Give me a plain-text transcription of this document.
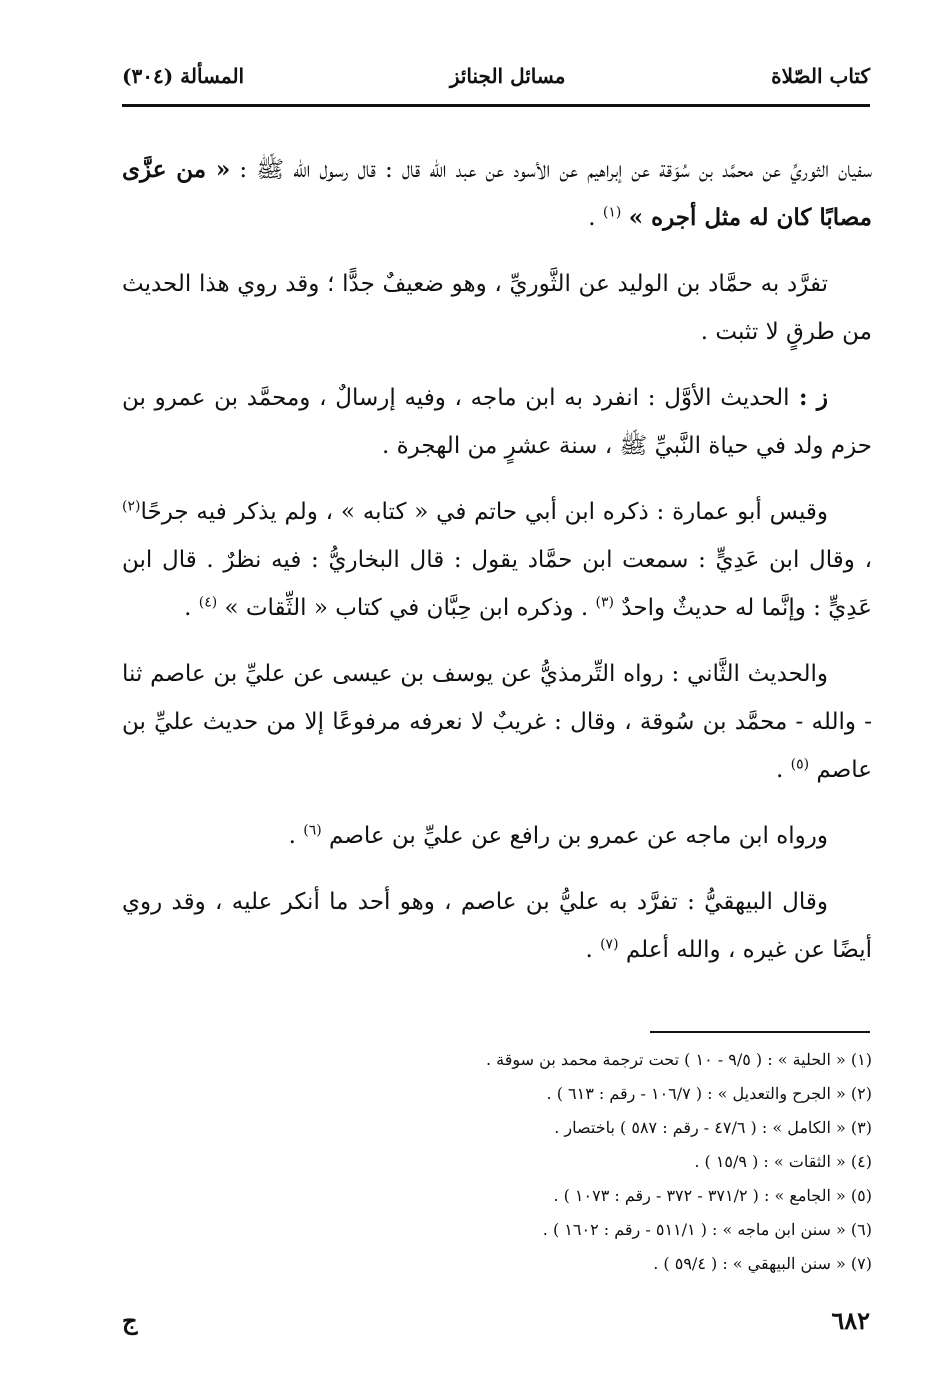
كتاب الصّلاة
مسائل الجنائز
المسألة (٣٠٤)

سفيان الثوريِّ عن محمَّد بن سُوَقة عن إبراهيم عن الأسود عن عبد الله قال : قال رسول الله ﷺ : « من عزَّى مصابًا كان له مثل أجره » $^{(١)}$ .

تفرَّد به حمَّاد بن الوليد عن الثَّوريِّ ، وهو ضعيفٌ جدًّا ؛ وقد روي هذا الحديث من طرقٍ لا تثبت .

ز : الحديث الأوَّل : انفرد به ابن ماجه ، وفيه إرسالٌ ، ومحمَّد بن عمرو بن حزم ولد في حياة النَّبيِّ ﷺ ، سنة عشرٍ من الهجرة .

وقيس أبو عمارة : ذكره ابن أبي حاتم في « كتابه » ، ولم يذكر فيه جرحًا$^{(٢)}$ ، وقال ابن عَدِيٍّ : سمعت ابن حمَّاد يقول : قال البخاريُّ : فيه نظرٌ . قال ابن عَدِيٍّ : وإنَّما له حديثٌ واحدٌ $^{(٣)}$ . وذكره ابن حِبَّان في كتاب « الثِّقات » $^{(٤)}$ .

والحديث الثَّاني : رواه التِّرمذيُّ عن يوسف بن عيسى عن عليِّ بن عاصم ثنا - والله - محمَّد بن سُوقة ، وقال : غريبٌ لا نعرفه مرفوعًا إلا من حديث عليِّ بن عاصم $^{(٥)}$ .

ورواه ابن ماجه عن عمرو بن رافع عن عليِّ بن عاصم $^{(٦)}$ .

وقال البيهقيُّ : تفرَّد به عليُّ بن عاصم ، وهو أحد ما أنكر عليه ، وقد روي أيضًا عن غيره ، والله أعلم $^{(٧)}$ .

(١) « الحلية » : ( ٩/٥ - ١٠ ) تحت ترجمة محمد بن سوقة .
(٢) « الجرح والتعديل » : ( ١٠٦/٧ - رقم : ٦١٣ ) .
(٣) « الكامل » : ( ٤٧/٦ - رقم : ٥٨٧ ) باختصار .
(٤) « الثقات » : ( ١٥/٩ ) .
(٥) « الجامع » : ( ٣٧١/٢ - ٣٧٢ - رقم : ١٠٧٣ ) .
(٦) « سنن ابن ماجه » : ( ٥١١/١ - رقم : ١٦٠٢ ) .
(٧) « سنن البيهقي » : ( ٥٩/٤ ) .
٦٨٢
ج
